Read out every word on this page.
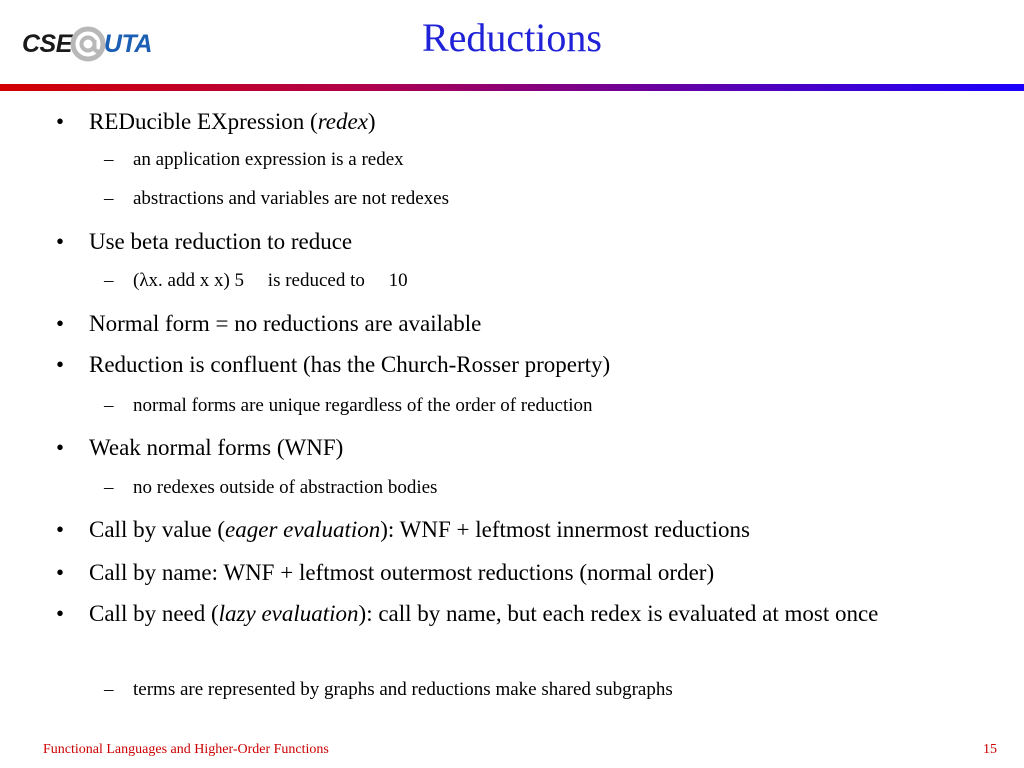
CSE UTA	Reductions
• REDucible EXpression (redex)
– an application expression is a redex
– abstractions and variables are not redexes
• Use beta reduction to reduce
– (λx. add x x) 5  is reduced to  10
• Normal form = no reductions are available
• Reduction is confluent (has the Church-Rosser property)
– normal forms are unique regardless of the order of reduction
• Weak normal forms (WNF)
– no redexes outside of abstraction bodies
• Call by value (eager evaluation): WNF + leftmost innermost reductions
• Call by name: WNF + leftmost outermost reductions (normal order)
• Call by need (lazy evaluation): call by name, but each redex is evaluated at most once
– terms are represented by graphs and reductions make shared subgraphs
Functional Languages and Higher-Order Functions	15
